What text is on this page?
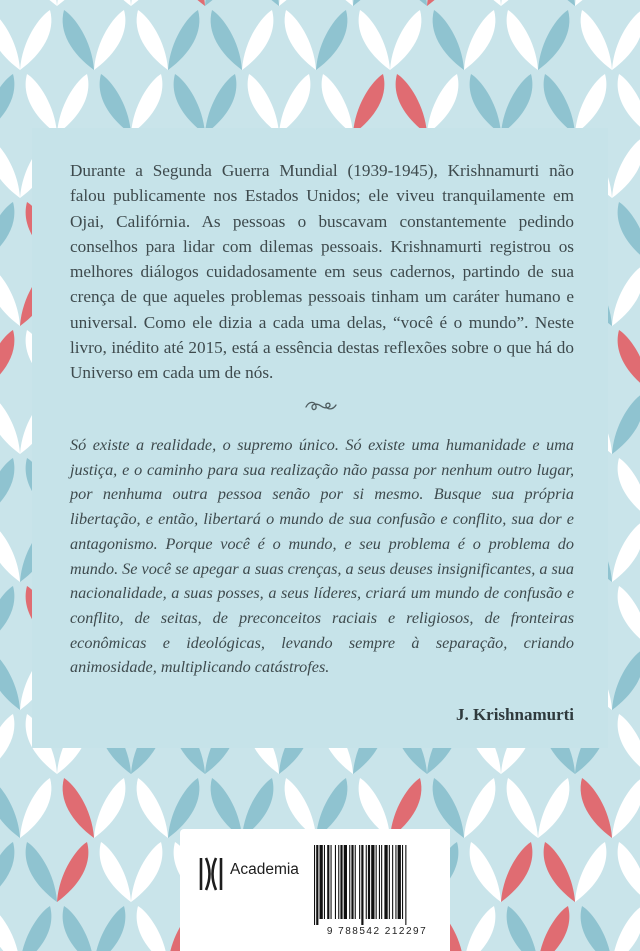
Durante a Segunda Guerra Mundial (1939-1945), Krishnamurti não falou publicamente nos Estados Unidos; ele viveu tranquilamente em Ojai, Califórnia. As pessoas o buscavam constantemente pedindo conselhos para lidar com dilemas pessoais. Krishnamurti registrou os melhores diálogos cuidadosamente em seus cadernos, partindo de sua crença de que aqueles problemas pessoais tinham um caráter humano e universal. Como ele dizia a cada uma delas, “você é o mundo”. Neste livro, inédito até 2015, está a essência destas reflexões sobre o que há do Universo em cada um de nós.

Só existe a realidade, o supremo único. Só existe uma humanidade e uma justiça, e o caminho para sua realização não passa por nenhum outro lugar, por nenhuma outra pessoa senão por si mesmo. Busque sua própria libertação, e então, libertará o mundo de sua confusão e conflito, sua dor e antagonismo. Porque você é o mundo, e seu problema é o problema do mundo. Se você se apegar a suas crenças, a seus deuses insignificantes, a sua nacionalidade, a suas posses, a seus líderes, criará um mundo de confusão e conflito, de seitas, de preconceitos raciais e religiosos, de fronteiras econômicas e ideológicas, levando sempre à separação, criando animosidade, multiplicando catástrofes.

J. Krishnamurti

Academia
9 788542 212297
